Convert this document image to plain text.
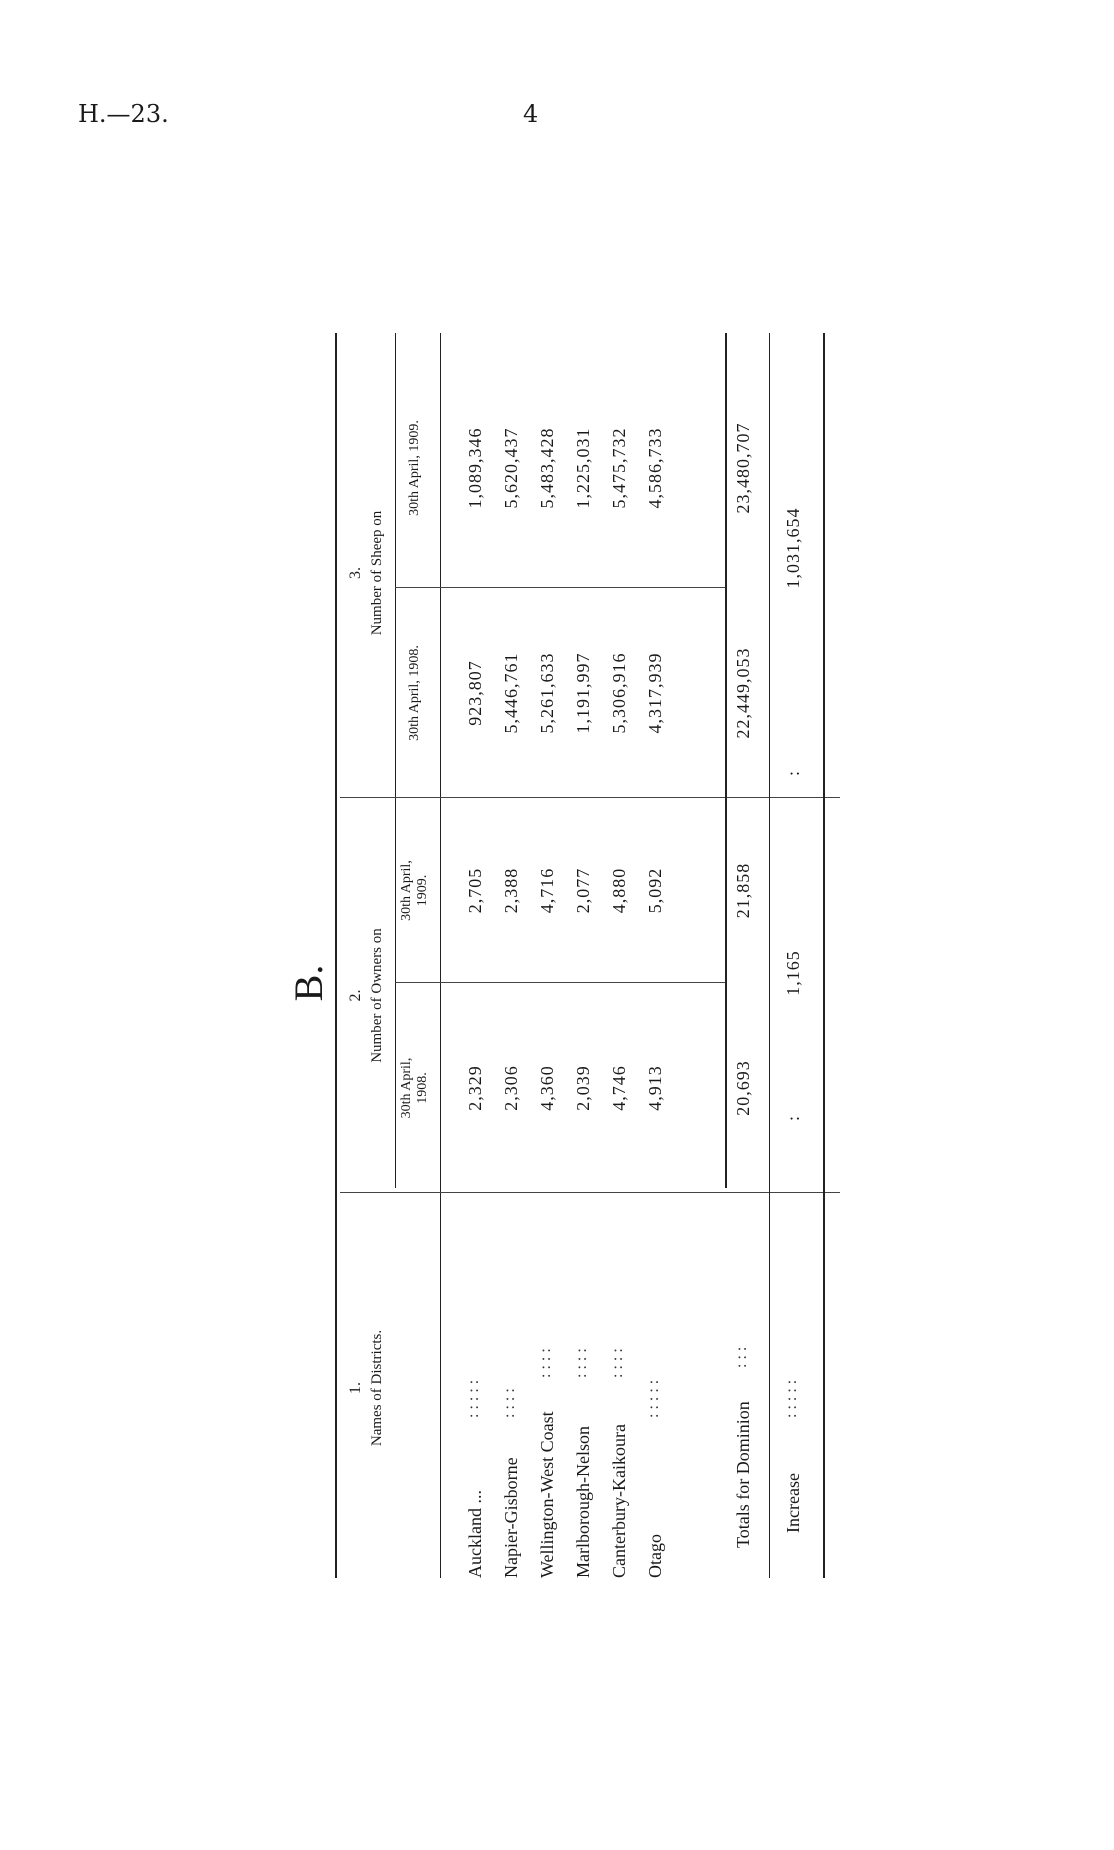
H.—23.	4
B.
1.
2.
3.
Names of Districts.
Number of Owners on
Number of Sheep on
30th April, 1908.
30th April, 1909.
30th April, 1908.
30th April, 1909.
Auckland ...
: : : : :
2,329
2,705
923,807
1,089,346
Napier-Gisborne
: : : :
2,306
2,388
5,446,761
5,620,437
Wellington-West Coast
: : : :
4,360
4,716
5,261,633
5,483,428
Marlborough-Nelson
: : : :
2,039
2,077
1,191,997
1,225,031
Canterbury-Kaikoura
: : : :
4,746
4,880
5,306,916
5,475,732
Otago
: : : : :
4,913
5,092
4,317,939
4,586,733
Totals for Dominion
: : :
20,693
21,858
22,449,053
23,480,707
Increase
: : : : :
:
1,165
:
1,031,654
